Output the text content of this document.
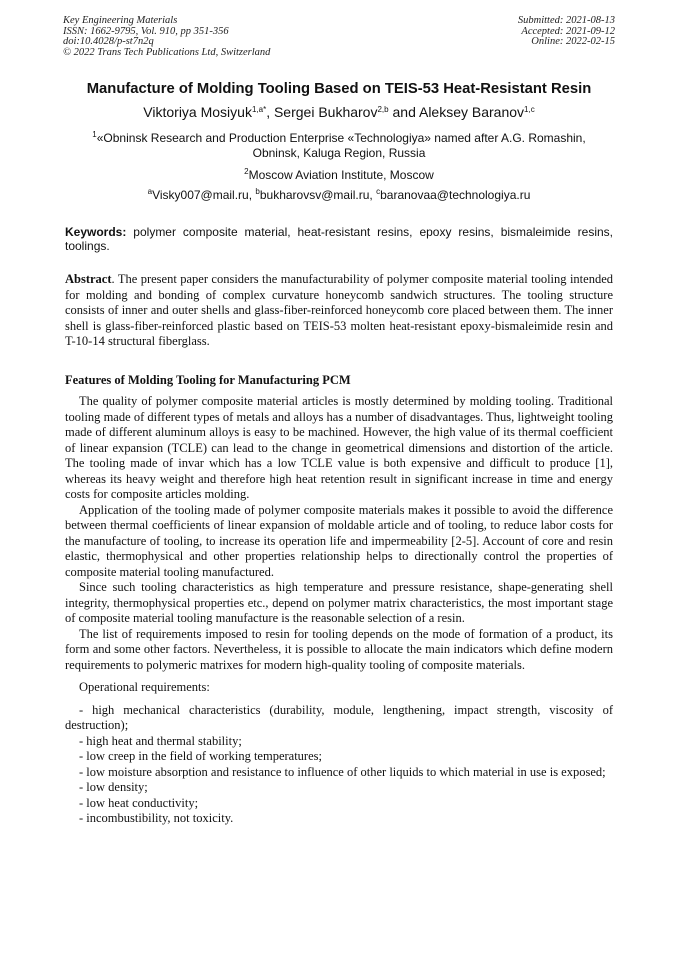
Key Engineering Materials
ISSN: 1662-9795, Vol. 910, pp 351-356
doi:10.4028/p-st7n2q
© 2022 Trans Tech Publications Ltd, Switzerland
Submitted: 2021-08-13
Accepted: 2021-09-12
Online: 2022-02-15
Manufacture of Molding Tooling Based on TEIS-53 Heat-Resistant Resin
Viktoriya Mosiyuk$^{1,a*}$, Sergei Bukharov$^{2,b}$ and Aleksey Baranov$^{1,c}$
$^1$«Obninsk Research and Production Enterprise «Technologiya» named after A.G. Romashin,
Obninsk, Kaluga Region, Russia
$^2$Moscow Aviation Institute, Moscow
$^a$Visky007@mail.ru, $^b$bukharovsv@mail.ru, $^c$baranovaa@technologiya.ru
Keywords: polymer composite material, heat-resistant resins, epoxy resins, bismaleimide resins, toolings.
Abstract. The present paper considers the manufacturability of polymer composite material tooling intended for molding and bonding of complex curvature honeycomb sandwich structures. The tooling structure consists of inner and outer shells and glass-fiber-reinforced honeycomb core placed between them. The inner shell is glass-fiber-reinforced plastic based on TEIS-53 molten heat-resistant epoxy-bismaleimide resin and T-10-14 structural fiberglass.
Features of Molding Tooling for Manufacturing PCM

The quality of polymer composite material articles is mostly determined by molding tooling. Traditional tooling made of different types of metals and alloys has a number of disadvantages. Thus, lightweight tooling made of different aluminum alloys is easy to be machined. However, the high value of its thermal coefficient of linear expansion (TCLE) can lead to the change in geometrical dimensions and distortion of the article. The tooling made of invar which has a low TCLE value is both expensive and difficult to produce [1], whereas its heavy weight and therefore high heat retention result in significant increase in time and energy costs for composite articles molding.

Application of the tooling made of polymer composite materials makes it possible to avoid the difference between thermal coefficients of linear expansion of moldable article and of tooling, to reduce labor costs for the manufacture of tooling, to increase its operation life and impermeability [2-5]. Account of core and resin elastic, thermophysical and other properties relationship helps to directionally control the properties of composite material tooling manufactured.

Since such tooling characteristics as high temperature and pressure resistance, shape-generating shell integrity, thermophysical properties etc., depend on polymer matrix characteristics, the most important stage of composite material tooling manufacture is the reasonable selection of a resin.

The list of requirements imposed to resin for tooling depends on the mode of formation of a product, its form and some other factors. Nevertheless, it is possible to allocate the main indicators which define modern requirements to polymeric matrixes for modern high-quality tooling of composite materials.

Operational requirements:

- high mechanical characteristics (durability, module, lengthening, impact strength, viscosity of destruction);

- high heat and thermal stability;

- low creep in the field of working temperatures;

- low moisture absorption and resistance to influence of other liquids to which material in use is exposed;

- low density;

- low heat conductivity;

- incombustibility, not toxicity.
